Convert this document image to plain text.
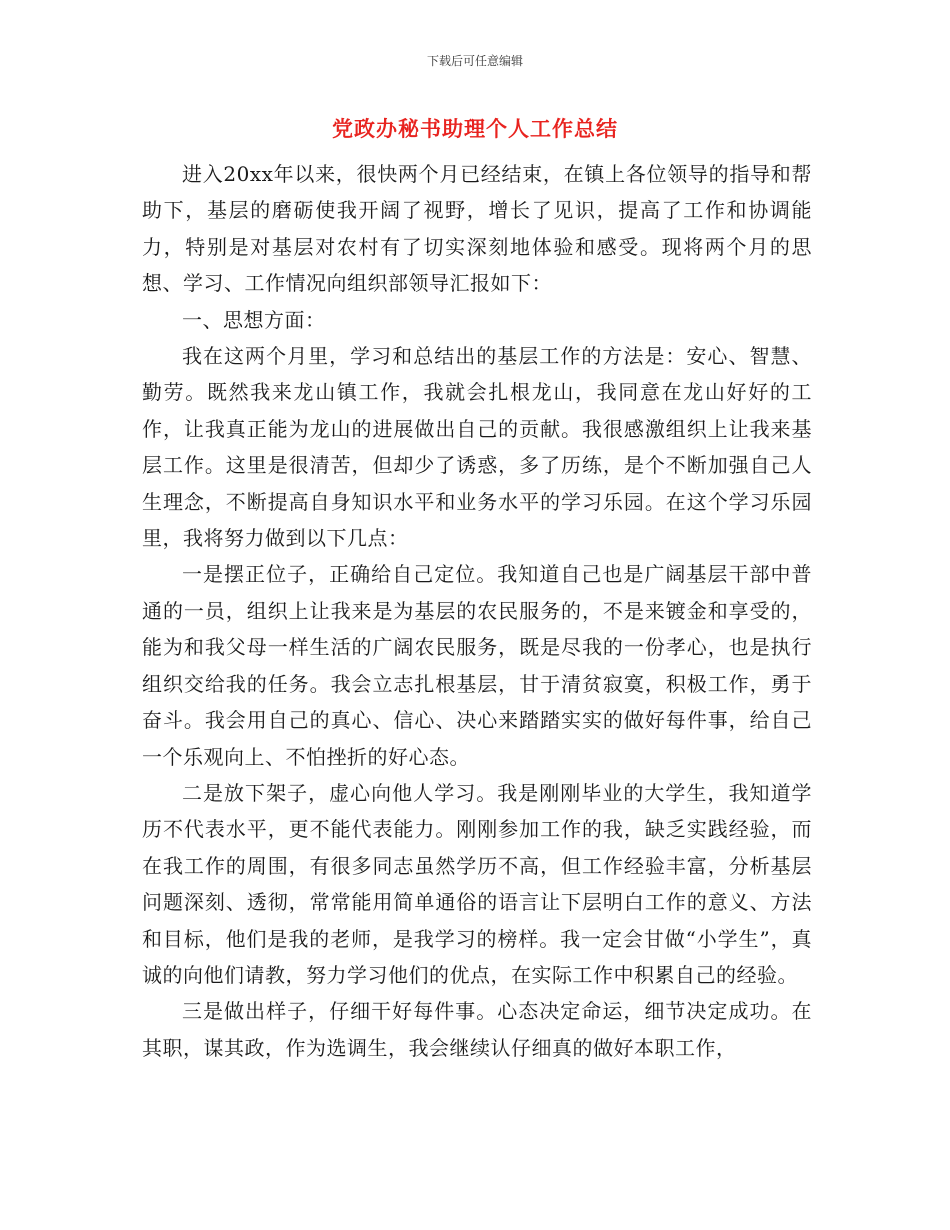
下载后可任意编辑
党政办秘书助理个人工作总结

进入20xx年以来，很快两个月已经结束，在镇上各位领导的指导和帮助下，基层的磨砺使我开阔了视野，增长了见识，提高了工作和协调能力，特别是对基层对农村有了切实深刻地体验和感受。现将两个月的思想、学习、工作情况向组织部领导汇报如下：

一、思想方面：

我在这两个月里，学习和总结出的基层工作的方法是：安心、智慧、勤劳。既然我来龙山镇工作，我就会扎根龙山，我同意在龙山好好的工作，让我真正能为龙山的进展做出自己的贡献。我很感激组织上让我来基层工作。这里是很清苦，但却少了诱惑，多了历练，是个不断加强自己人生理念，不断提高自身知识水平和业务水平的学习乐园。在这个学习乐园里，我将努力做到以下几点：

一是摆正位子，正确给自己定位。我知道自己也是广阔基层干部中普通的一员，组织上让我来是为基层的农民服务的，不是来镀金和享受的，能为和我父母一样生活的广阔农民服务，既是尽我的一份孝心，也是执行组织交给我的任务。我会立志扎根基层，甘于清贫寂寞，积极工作，勇于奋斗。我会用自己的真心、信心、决心来踏踏实实的做好每件事，给自己一个乐观向上、不怕挫折的好心态。

二是放下架子，虚心向他人学习。我是刚刚毕业的大学生，我知道学历不代表水平，更不能代表能力。刚刚参加工作的我，缺乏实践经验，而在我工作的周围，有很多同志虽然学历不高，但工作经验丰富，分析基层问题深刻、透彻，常常能用简单通俗的语言让下层明白工作的意义、方法和目标，他们是我的老师，是我学习的榜样。我一定会甘做“小学生”，真诚的向他们请教，努力学习他们的优点，在实际工作中积累自己的经验。

三是做出样子，仔细干好每件事。心态决定命运，细节决定成功。在其职，谋其政，作为选调生，我会继续认仔细真的做好本职工作，
